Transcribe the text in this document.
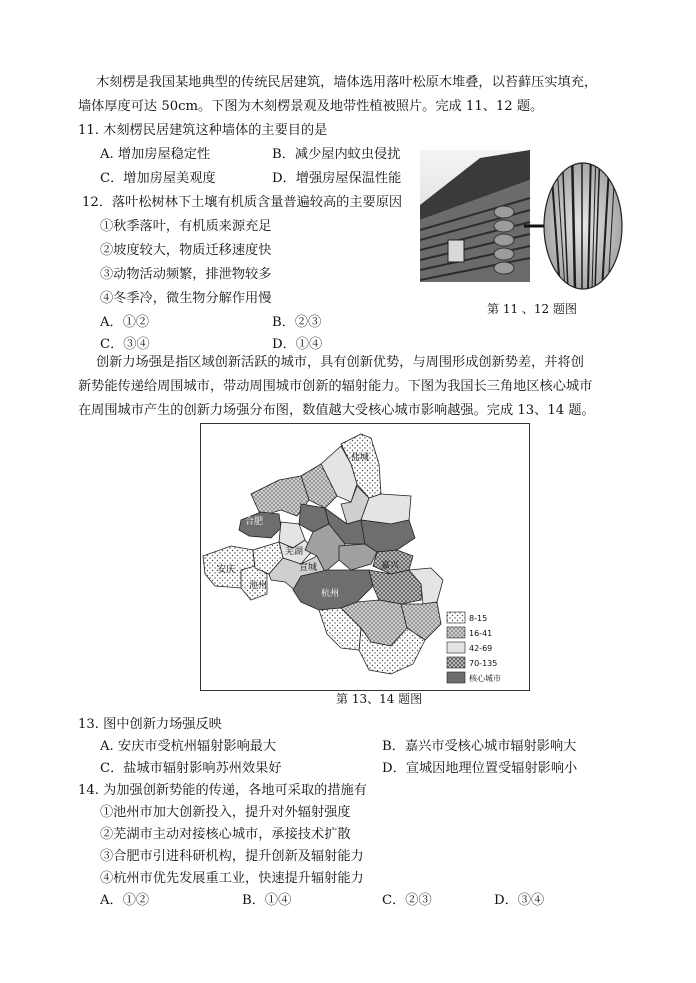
木刻楞是我国某地典型的传统民居建筑，墙体选用落叶松原木堆叠，以苔藓压实填充，
墙体厚度可达 50cm。下图为木刻楞景观及地带性植被照片。完成 11、12 题。
11. 木刻楞民居建筑这种墙体的主要目的是
A. 增加房屋稳定性	B．减少屋内蚊虫侵扰
C．增加房屋美观度	D．增强房屋保温性能
12．落叶松树林下土壤有机质含量普遍较高的主要原因
①秋季落叶，有机质来源充足
②坡度较大，物质迁移速度快
③动物活动频繁，排泄物较多
④冬季冷，微生物分解作用慢
A．①②	B．②③
C．③④	D．①④
第 11 、12 题图
创新力场强是指区域创新活跃的城市，具有创新优势，与周围形成创新势差，并将创
新势能传递给周围城市，带动周围城市创新的辐射能力。下图为我国长三角地区核心城市
在周围城市产生的创新力场强分布图，数值越大受核心城市影响越强。完成 13、14 题。
盐城
合肥
芜湖
安庆	宣城
池州
嘉兴
杭州
8-15
16-41
42-69
70-135
核心城市
第 13、14 题图
13. 图中创新力场强反映
A. 安庆市受杭州辐射影响最大	B．嘉兴市受核心城市辐射影响大
C．盐城市辐射影响苏州效果好	D．宣城因地理位置受辐射影响小
14. 为加强创新势能的传递，各地可采取的措施有
①池州市加大创新投入，提升对外辐射强度
②芜湖市主动对接核心城市，承接技术扩散
③合肥市引进科研机构，提升创新及辐射能力
④杭州市优先发展重工业，快速提升辐射能力
A．①②	B．①④	C．②③	D．③④
